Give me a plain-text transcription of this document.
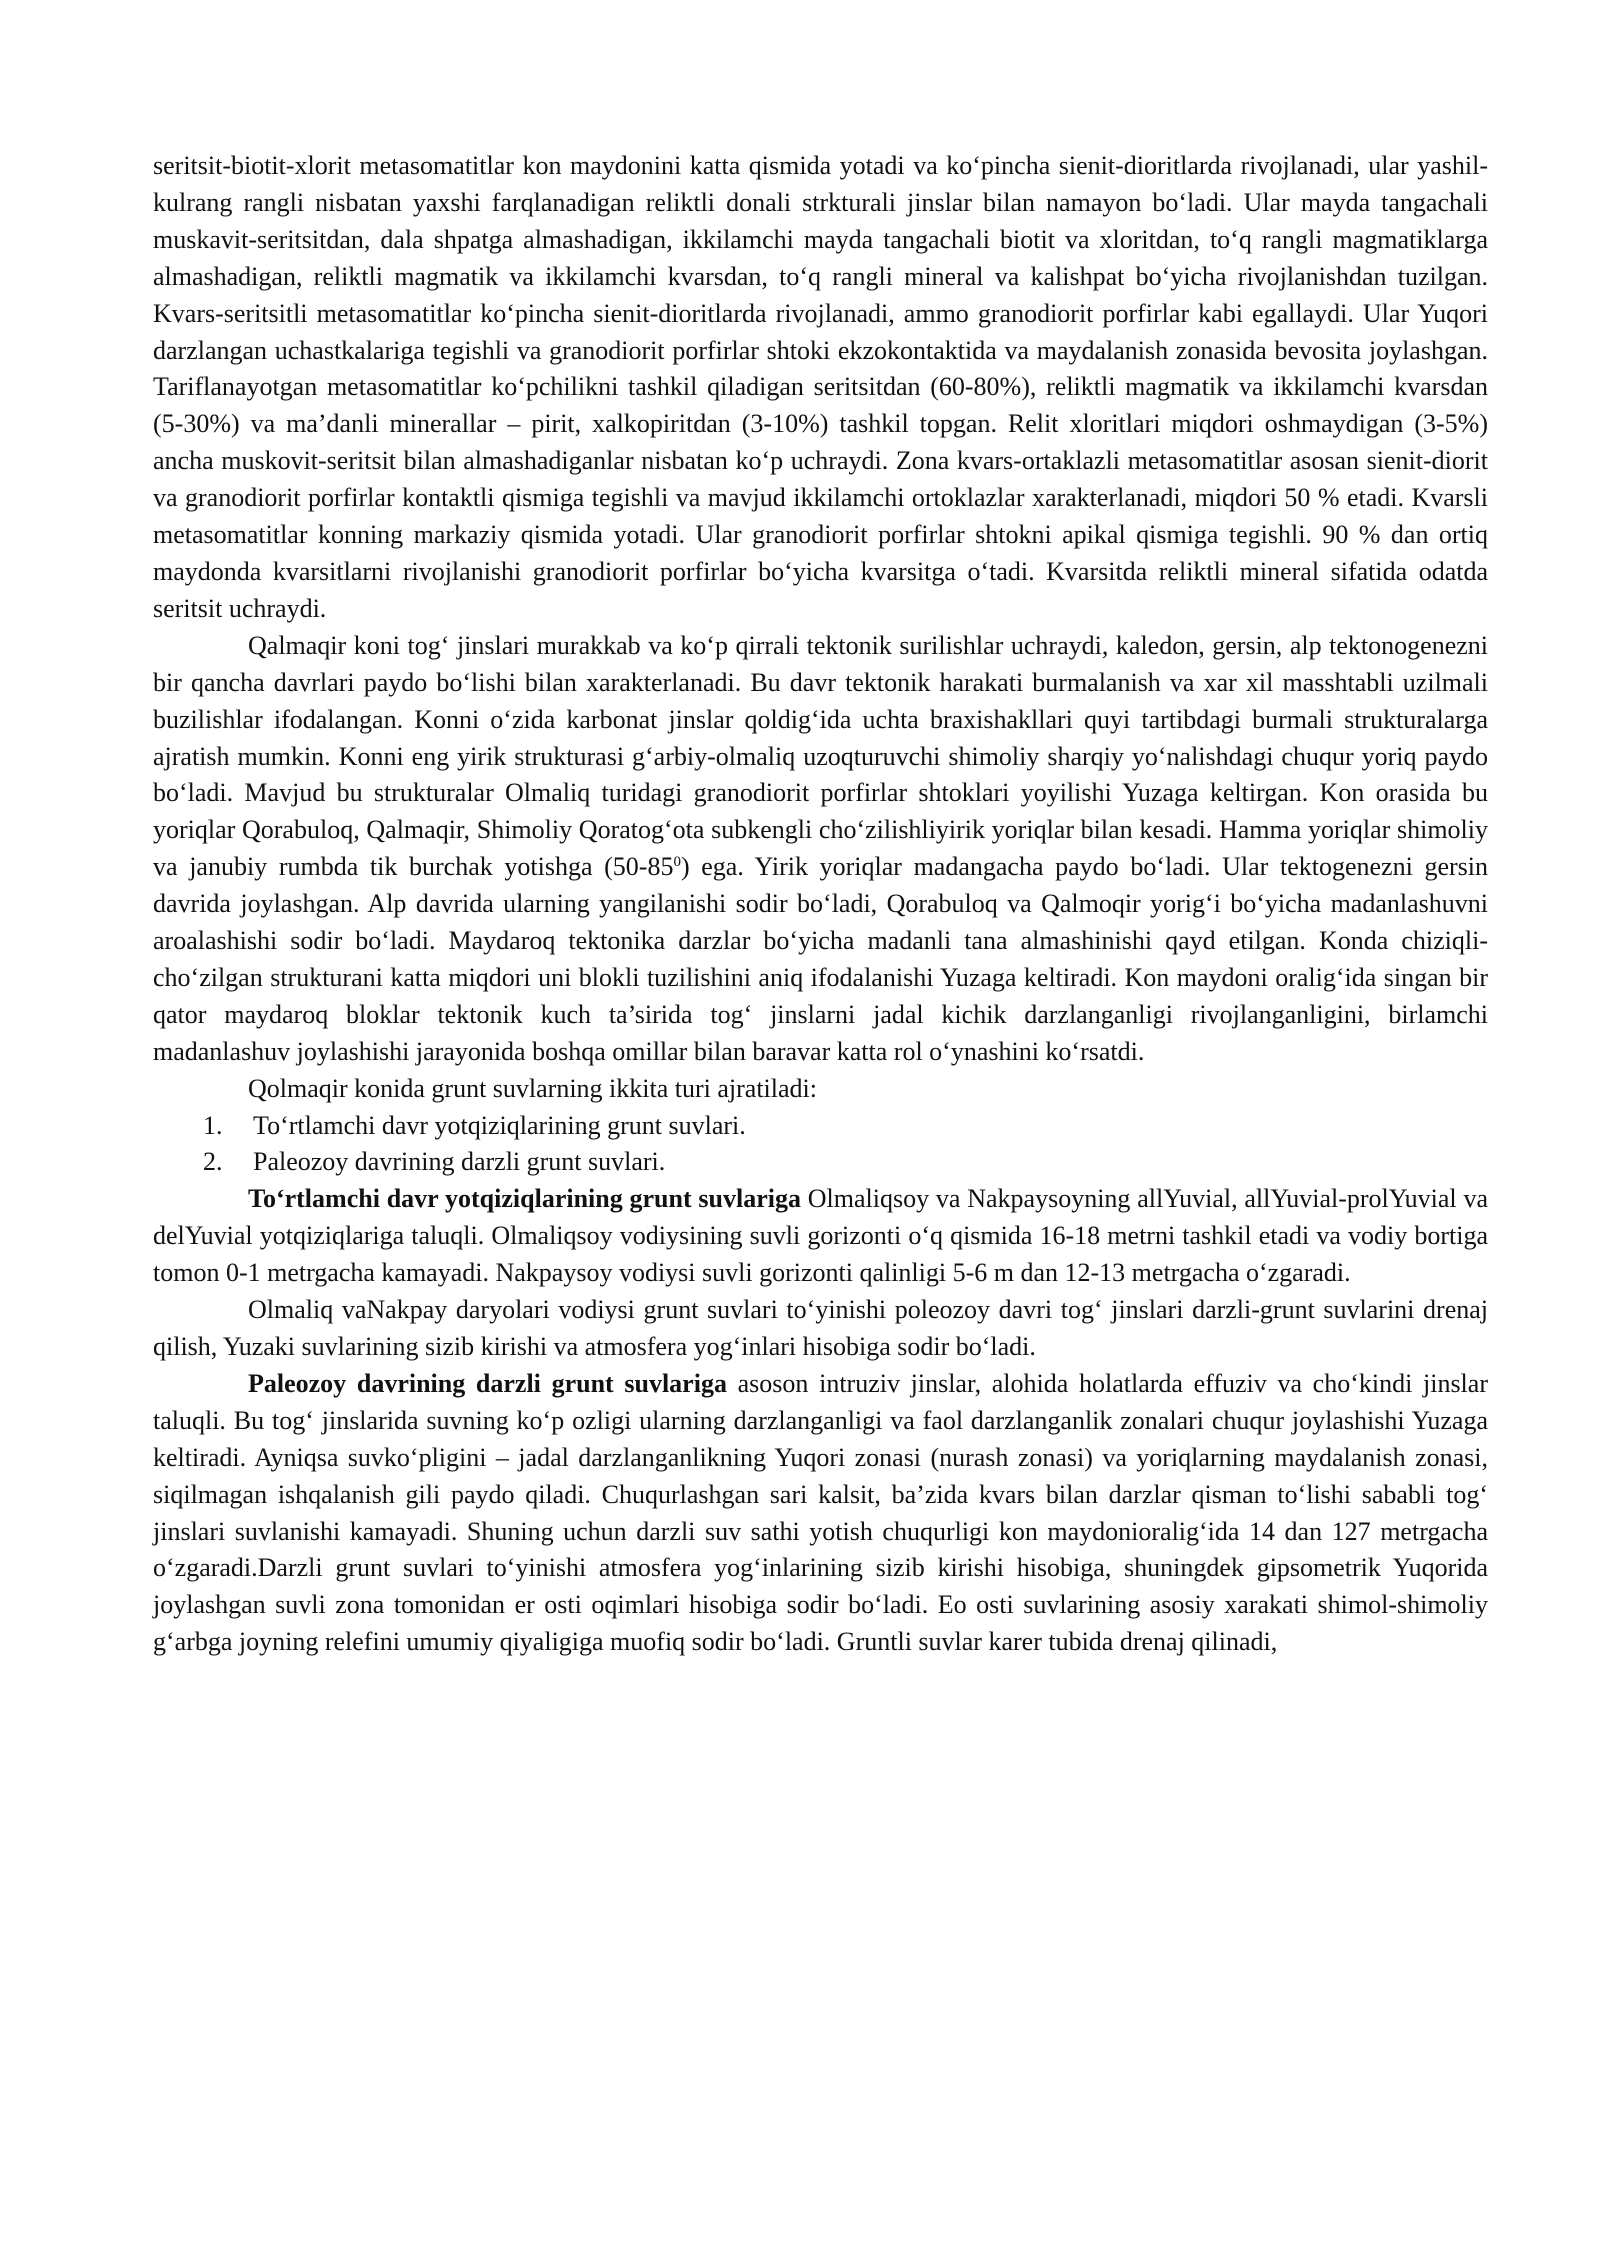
seritsit-biotit-xlorit metasomatitlar kon maydonini katta qismida yotadi va ko‘pincha sienit-dioritlarda rivojlanadi, ular yashil-kulrang rangli nisbatan yaxshi farqlanadigan reliktli donali strkturali jinslar bilan namayon bo‘ladi. Ular mayda tangachali muskavit-seritsitdan, dala shpatga almashadigan, ikkilamchi mayda tangachali biotit va xloritdan, to‘q rangli magmatiklarga almashadigan, reliktli magmatik va ikkilamchi kvarsdan, to‘q rangli mineral va kalishpat bo‘yicha rivojlanishdan tuzilgan. Kvars-seritsitli metasomatitlar ko‘pincha sienit-dioritlarda rivojlanadi, ammo granodiorit porfirlar kabi egallaydi. Ular Yuqori darzlangan uchastkalariga tegishli va granodiorit porfirlar shtoki ekzokontaktida va maydalanish zonasida bevosita joylashgan. Tariflanayotgan metasomatitlar ko‘pchilikni tashkil qiladigan seritsitdan (60-80%), reliktli magmatik va ikkilamchi kvarsdan (5-30%) va ma’danli minerallar – pirit, xalkopiritdan (3-10%) tashkil topgan. Relit xloritlari miqdori oshmaydigan (3-5%) ancha muskovit-seritsit bilan almashadiganlar nisbatan ko‘p uchraydi. Zona kvars-ortaklazli metasomatitlar asosan sienit-diorit va granodiorit porfirlar kontaktli qismiga tegishli va mavjud ikkilamchi ortoklazlar xarakterlanadi, miqdori 50 % etadi. Kvarsli metasomatitlar konning markaziy qismida yotadi. Ular granodiorit porfirlar shtokni apikal qismiga tegishli. 90 % dan ortiq maydonda kvarsitlarni rivojlanishi granodiorit porfirlar bo‘yicha kvarsitga o‘tadi. Kvarsitda reliktli mineral sifatida odatda seritsit uchraydi.

Qalmaqir koni tog‘ jinslari murakkab va ko‘p qirrali tektonik surilishlar uchraydi, kaledon, gersin, alp tektonogenezni bir qancha davrlari paydo bo‘lishi bilan xarakterlanadi. Bu davr tektonik harakati burmalanish va xar xil masshtabli uzilmali buzilishlar ifodalangan. Konni o‘zida karbonat jinslar qoldig‘ida uchta braxishakllari quyi tartibdagi burmali strukturalarga ajratish mumkin. Konni eng yirik strukturasi g‘arbiy-olmaliq uzoqturuvchi shimoliy sharqiy yo‘nalishdagi chuqur yoriq paydo bo‘ladi. Mavjud bu strukturalar Olmaliq turidagi granodiorit porfirlar shtoklari yoyilishi Yuzaga keltirgan. Kon orasida bu yoriqlar Qorabuloq, Qalmaqir, Shimoliy Qoratog‘ota subkengli cho‘zilishliyirik yoriqlar bilan kesadi. Hamma yoriqlar shimoliy va janubiy rumbda tik burchak yotishga $(50-85^0)$ ega. Yirik yoriqlar madangacha paydo bo‘ladi. Ular tektogenezni gersin davrida joylashgan. Alp davrida ularning yangilanishi sodir bo‘ladi, Qorabuloq va Qalmoqir yorig‘i bo‘yicha madanlashuvni aroalashishi sodir bo‘ladi. Maydaroq tektonika darzlar bo‘yicha madanli tana almashinishi qayd etilgan. Konda chiziqli-cho‘zilgan strukturani katta miqdori uni blokli tuzilishini aniq ifodalanishi Yuzaga keltiradi. Kon maydoni oralig‘ida singan bir qator maydaroq bloklar tektonik kuch ta’sirida tog‘ jinslarni jadal kichik darzlanganligi rivojlanganligini, birlamchi madanlashuv joylashishi jarayonida boshqa omillar bilan baravar katta rol o‘ynashini ko‘rsatdi.

Qolmaqir konida grunt suvlarning ikkita turi ajratiladi:

1.	To‘rtlamchi davr yotqiziqlarining grunt suvlari.
2.	Paleozoy davrining darzli grunt suvlari.

To‘rtlamchi davr yotqiziqlarining grunt suvlariga Olmaliqsoy va Nakpaysoyning allYuvial, allYuvial-prolYuvial va delYuvial yotqiziqlariga taluqli. Olmaliqsoy vodiysining suvli gorizonti o‘q qismida 16-18 metrni tashkil etadi va vodiy bortiga tomon 0-1 metrgacha kamayadi. Nakpaysoy vodiysi suvli gorizonti qalinligi 5-6 m dan 12-13 metrgacha o‘zgaradi.

Olmaliq vaNakpay daryolari vodiysi grunt suvlari to‘yinishi poleozoy davri tog‘ jinslari darzli-grunt suvlarini drenaj qilish, Yuzaki suvlarining sizib kirishi va atmosfera yog‘inlari hisobiga sodir bo‘ladi.

Paleozoy davrining darzli grunt suvlariga asoson intruziv jinslar, alohida holatlarda effuziv va cho‘kindi jinslar taluqli. Bu tog‘ jinslarida suvning ko‘p ozligi ularning darzlanganligi va faol darzlanganlik zonalari chuqur joylashishi Yuzaga keltiradi. Ayniqsa suvko‘pligini – jadal darzlanganlikning Yuqori zonasi (nurash zonasi) va yoriqlarning maydalanish zonasi, siqilmagan ishqalanish gili paydo qiladi. Chuqurlashgan sari kalsit, ba’zida kvars bilan darzlar qisman to‘lishi sababli tog‘ jinslari suvlanishi kamayadi. Shuning uchun darzli suv sathi yotish chuqurligi kon maydonioralig‘ida 14 dan 127 metrgacha o‘zgaradi.Darzli grunt suvlari to‘yinishi atmosfera yog‘inlarining sizib kirishi hisobiga, shuningdek gipsometrik Yuqorida joylashgan suvli zona tomonidan er osti oqimlari hisobiga sodir bo‘ladi. Eo osti suvlarining asosiy xarakati shimol-shimoliy g‘arbga joyning relefini umumiy qiyaligiga muofiq sodir bo‘ladi. Gruntli suvlar karer tubida drenaj qilinadi,
